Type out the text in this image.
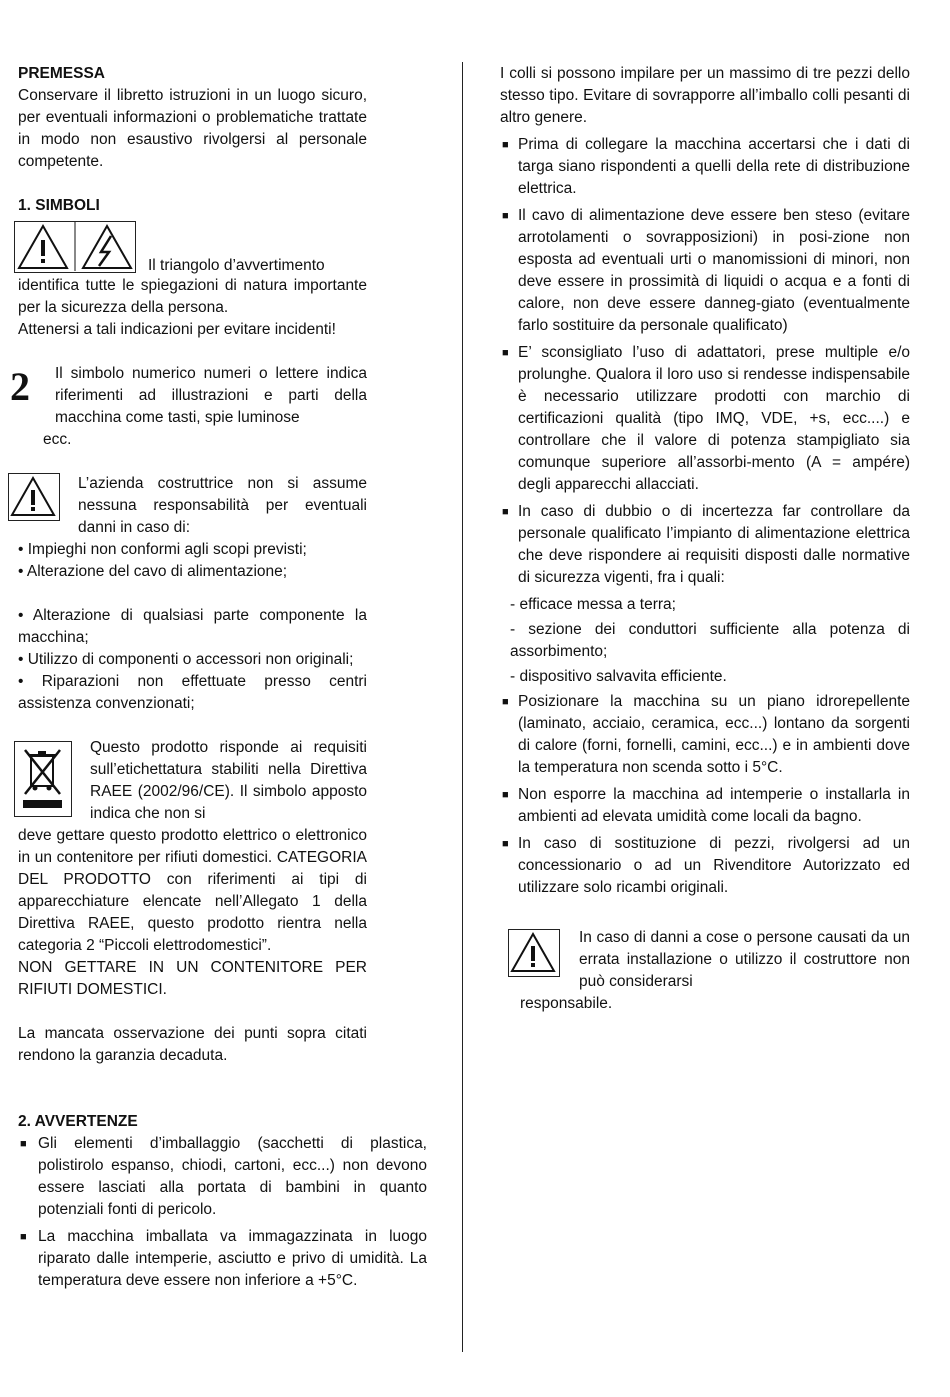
PREMESSA

Conservare il libretto istruzioni in un luogo sicuro, per eventuali informazioni o problematiche trattate in modo non esaustivo rivolgersi al personale competente.

1. SIMBOLI
Il triangolo d’avvertimento

identifica tutte le spiegazioni di natura importante per la sicurezza della persona.

Attenersi a tali indicazioni per evitare incidenti!

2 Il simbolo numerico numeri o lettere indica riferimenti ad illustrazioni e parti della macchina come tasti, spie luminose
ecc.
L’azienda costruttrice non si assume nessuna responsabilità per eventuali danni in caso di:
• Impieghi non conformi agli scopi previsti;
• Alterazione del cavo di alimentazione;
• Alterazione di qualsiasi parte componente la macchina;
• Utilizzo di componenti o accessori non originali;
• Riparazioni non effettuate presso centri assistenza convenzionati;
Questo prodotto risponde ai requisiti sull’etichettatura stabiliti nella Direttiva RAEE (2002/96/CE). Il simbolo apposto indica che non si

deve gettare questo prodotto elettrico o elettronico in un contenitore per rifiuti domestici. CATEGORIA DEL PRODOTTO con riferimenti ai tipi di apparecchiature elencate nell’Allegato 1 della Direttiva RAEE, questo prodotto rientra nella categoria 2 “Piccoli elettrodomestici”.

NON GETTARE IN UN CONTENITORE PER RIFIUTI DOMESTICI.

La mancata osservazione dei punti sopra citati rendono la garanzia decaduta.

2. AVVERTENZE
■ Gli elementi d’imballaggio (sacchetti di plastica, polistirolo espanso, chiodi, cartoni, ecc...) non devono essere lasciati alla portata di bambini in quanto potenziali fonti di pericolo.
■ La macchina imballata va immagazzinata in luogo riparato dalle intemperie, asciutto e privo di umidità. La temperatura deve essere non inferiore a +5°C.

I colli si possono impilare per un massimo di tre pezzi dello stesso tipo. Evitare di sovrapporre all’imballo colli pesanti di altro genere.

■ Prima di collegare la macchina accertarsi che i dati di targa siano rispondenti a quelli della rete di distribuzione elettrica.
■ Il cavo di alimentazione deve essere ben steso (evitare arrotolamenti o sovrapposizioni) in posi-zione non esposta ad eventuali urti o manomissioni di minori, non deve essere in prossimità di liquidi o acqua e a fonti di calore, non deve essere danneg-giato (eventualmente farlo sostituire da personale qualificato)
■ E’ sconsigliato l’uso di adattatori, prese multiple e/o prolunghe. Qualora il loro uso si rendesse indispensabile è necessario utilizzare prodotti con marchio di certificazioni qualità (tipo IMQ, VDE, +s, ecc....) e controllare che il valore di potenza stampigliato sia comunque superiore all’assorbi-mento (A = ampére) degli apparecchi allacciati.
■ In caso di dubbio o di incertezza far controllare da personale qualificato l’impianto di alimentazione elettrica che deve rispondere ai requisiti disposti dalle normative di sicurezza vigenti, fra i quali:
- efficace messa a terra;
- sezione dei conduttori sufficiente alla potenza di assorbimento;
- dispositivo salvavita efficiente.
■ Posizionare la macchina su un piano idrorepellente (laminato, acciaio, ceramica, ecc...) lontano da sorgenti di calore (forni, fornelli, camini, ecc...) e in ambienti dove la temperatura non scenda sotto i 5°C.
■ Non esporre la macchina ad intemperie o installarla in ambienti ad elevata umidità come locali da bagno.
■ In caso di sostituzione di pezzi, rivolgersi ad un concessionario o ad un Rivenditore Autorizzato ed utilizzare solo ricambi originali.
In caso di danni a cose o persone causati da un errata installazione o utilizzo il costruttore non può considerarsi
responsabile.
